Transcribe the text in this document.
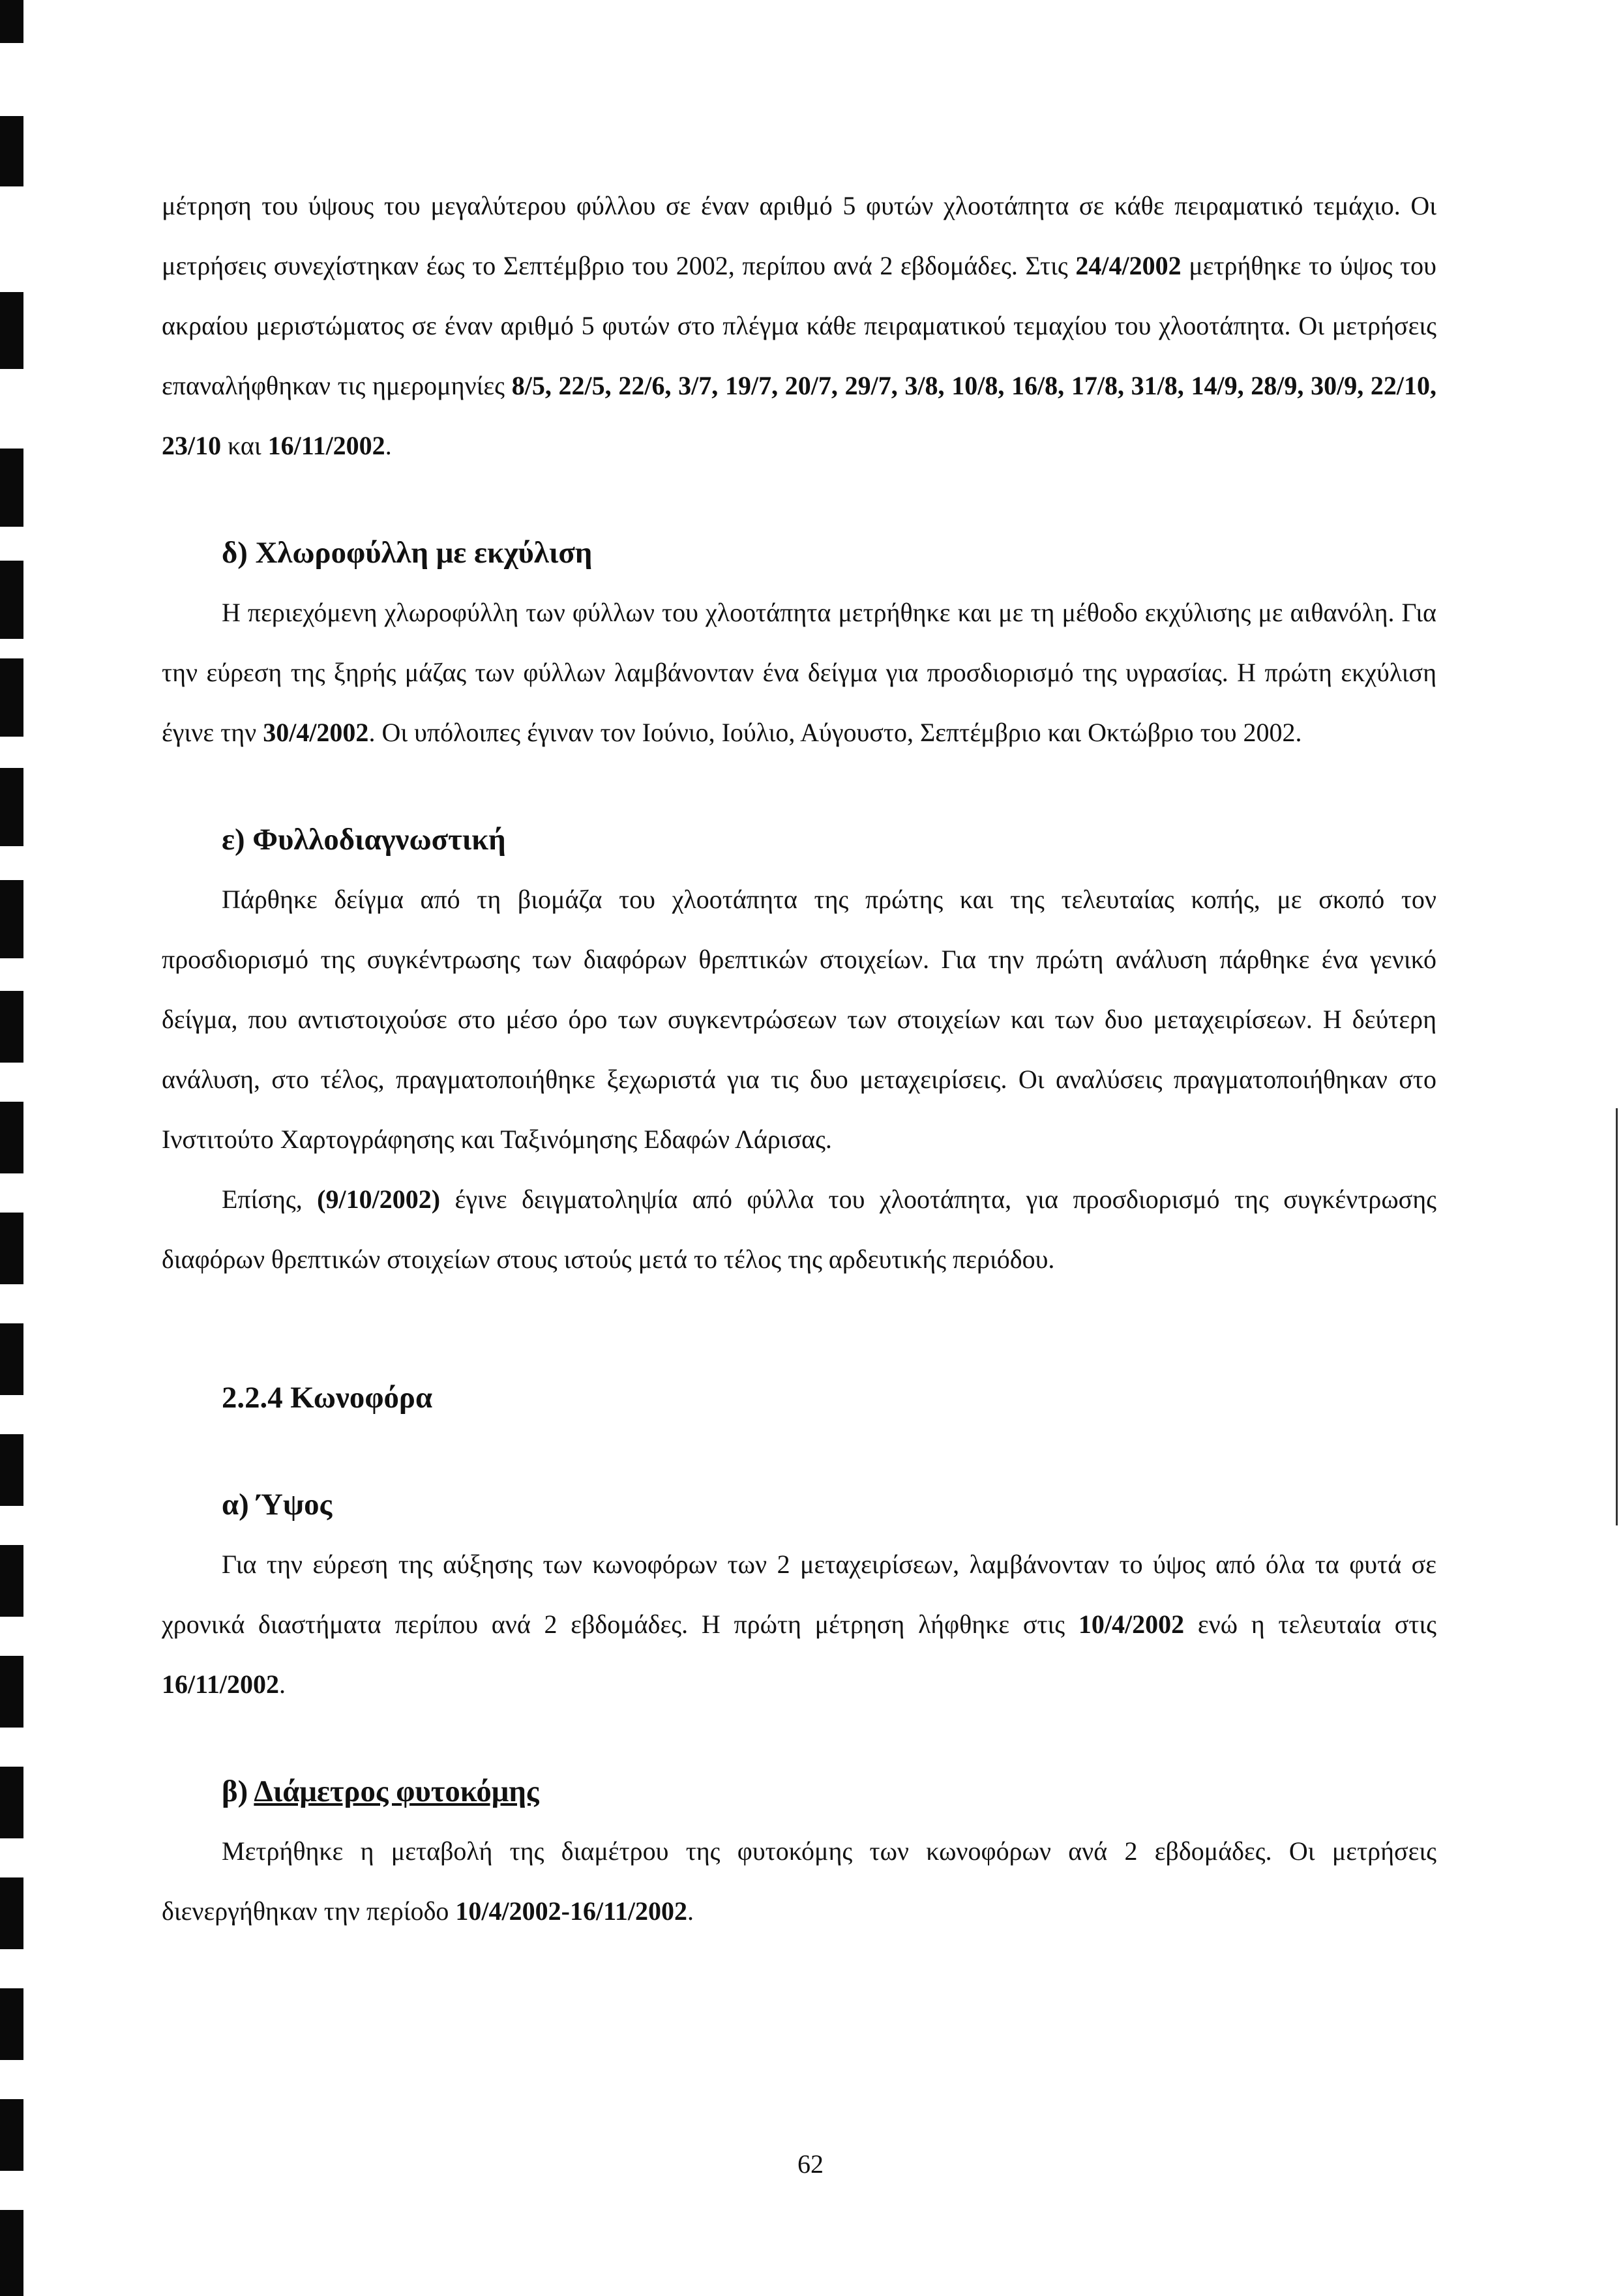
μέτρηση του ύψους του μεγαλύτερου φύλλου σε έναν αριθμό 5 φυτών χλοοτάπητα σε κάθε πειραματικό τεμάχιο. Οι μετρήσεις συνεχίστηκαν έως το Σεπτέμβριο του 2002, περίπου ανά 2 εβδομάδες. Στις 24/4/2002 μετρήθηκε το ύψος του ακραίου μεριστώματος σε έναν αριθμό 5 φυτών στο πλέγμα κάθε πειραματικού τεμαχίου του χλοοτάπητα. Οι μετρήσεις επαναλήφθηκαν τις ημερομηνίες 8/5, 22/5, 22/6, 3/7, 19/7, 20/7, 29/7, 3/8, 10/8, 16/8, 17/8, 31/8, 14/9, 28/9, 30/9, 22/10, 23/10 και 16/11/2002.

δ) Χλωροφύλλη με εκχύλιση

Η περιεχόμενη χλωροφύλλη των φύλλων του χλοοτάπητα μετρήθηκε και με τη μέθοδο εκχύλισης με αιθανόλη. Για την εύρεση της ξηρής μάζας των φύλλων λαμβάνονταν ένα δείγμα για προσδιορισμό της υγρασίας. Η πρώτη εκχύλιση έγινε την 30/4/2002. Οι υπόλοιπες έγιναν τον Ιούνιο, Ιούλιο, Αύγουστο, Σεπτέμβριο και Οκτώβριο του 2002.

ε) Φυλλοδιαγνωστική

Πάρθηκε δείγμα από τη βιομάζα του χλοοτάπητα της πρώτης και της τελευταίας κοπής, με σκοπό τον προσδιορισμό της συγκέντρωσης των διαφόρων θρεπτικών στοιχείων. Για την πρώτη ανάλυση πάρθηκε ένα γενικό δείγμα, που αντιστοιχούσε στο μέσο όρο των συγκεντρώσεων των στοιχείων και των δυο μεταχειρίσεων. Η δεύτερη ανάλυση, στο τέλος, πραγματοποιήθηκε ξεχωριστά για τις δυο μεταχειρίσεις. Οι αναλύσεις πραγματοποιήθηκαν στο Ινστιτούτο Χαρτογράφησης και Ταξινόμησης Εδαφών Λάρισας.

Επίσης, (9/10/2002) έγινε δειγματοληψία από φύλλα του χλοοτάπητα, για προσδιορισμό της συγκέντρωσης διαφόρων θρεπτικών στοιχείων στους ιστούς μετά το τέλος της αρδευτικής περιόδου.

2.2.4 Κωνοφόρα
α) Ύψος

Για την εύρεση της αύξησης των κωνοφόρων των 2 μεταχειρίσεων, λαμβάνονταν το ύψος από όλα τα φυτά σε χρονικά διαστήματα περίπου ανά 2 εβδομάδες. Η πρώτη μέτρηση λήφθηκε στις 10/4/2002 ενώ η τελευταία στις 16/11/2002.

β) Διάμετρος φυτοκόμης

Μετρήθηκε η μεταβολή της διαμέτρου της φυτοκόμης των κωνοφόρων ανά 2 εβδομάδες. Οι μετρήσεις διενεργήθηκαν την περίοδο 10/4/2002-16/11/2002.

62
